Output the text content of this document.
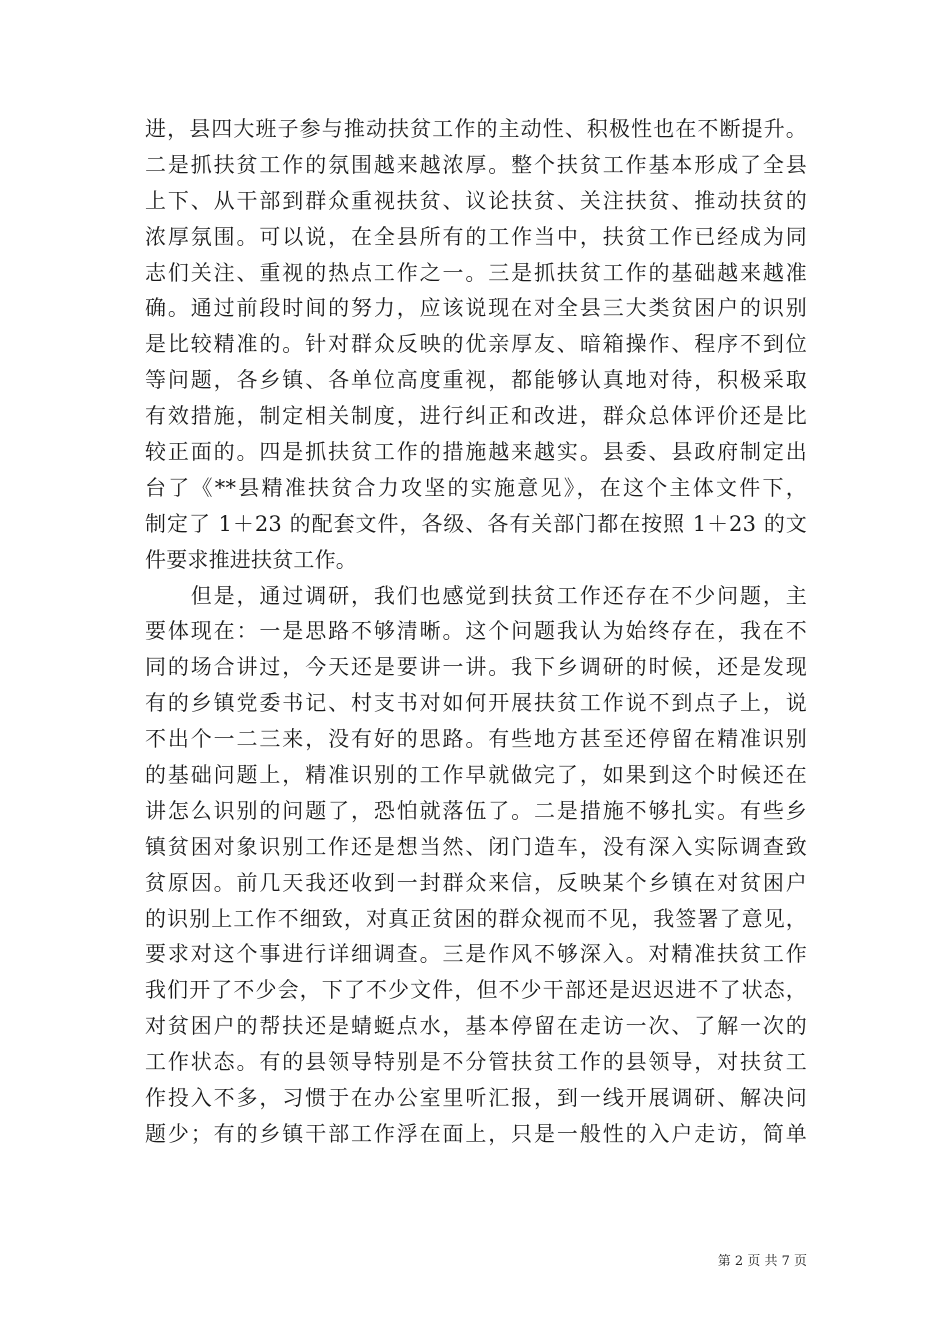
进，县四大班子参与推动扶贫工作的主动性、积极性也在不断提升。
二是抓扶贫工作的氛围越来越浓厚。整个扶贫工作基本形成了全县
上下、从干部到群众重视扶贫、议论扶贫、关注扶贫、推动扶贫的
浓厚氛围。可以说，在全县所有的工作当中，扶贫工作已经成为同
志们关注、重视的热点工作之一。三是抓扶贫工作的基础越来越准
确。通过前段时间的努力，应该说现在对全县三大类贫困户的识别
是比较精准的。针对群众反映的优亲厚友、暗箱操作、程序不到位
等问题，各乡镇、各单位高度重视，都能够认真地对待，积极采取
有效措施，制定相关制度，进行纠正和改进，群众总体评价还是比
较正面的。四是抓扶贫工作的措施越来越实。县委、县政府制定出
台了《**县精准扶贫合力攻坚的实施意见》，在这个主体文件下，
制定了 1＋23 的配套文件，各级、各有关部门都在按照 1＋23 的文
件要求推进扶贫工作。
　　但是，通过调研，我们也感觉到扶贫工作还存在不少问题，主
要体现在：一是思路不够清晰。这个问题我认为始终存在，我在不
同的场合讲过，今天还是要讲一讲。我下乡调研的时候，还是发现
有的乡镇党委书记、村支书对如何开展扶贫工作说不到点子上，说
不出个一二三来，没有好的思路。有些地方甚至还停留在精准识别
的基础问题上，精准识别的工作早就做完了，如果到这个时候还在
讲怎么识别的问题了，恐怕就落伍了。二是措施不够扎实。有些乡
镇贫困对象识别工作还是想当然、闭门造车，没有深入实际调查致
贫原因。前几天我还收到一封群众来信，反映某个乡镇在对贫困户
的识别上工作不细致，对真正贫困的群众视而不见，我签署了意见，
要求对这个事进行详细调查。三是作风不够深入。对精准扶贫工作
我们开了不少会，下了不少文件，但不少干部还是迟迟进不了状态，
对贫困户的帮扶还是蜻蜓点水，基本停留在走访一次、了解一次的
工作状态。有的县领导特别是不分管扶贫工作的县领导，对扶贫工
作投入不多，习惯于在办公室里听汇报，到一线开展调研、解决问
题少；有的乡镇干部工作浮在面上，只是一般性的入户走访，简单
第 2 页 共 7 页
